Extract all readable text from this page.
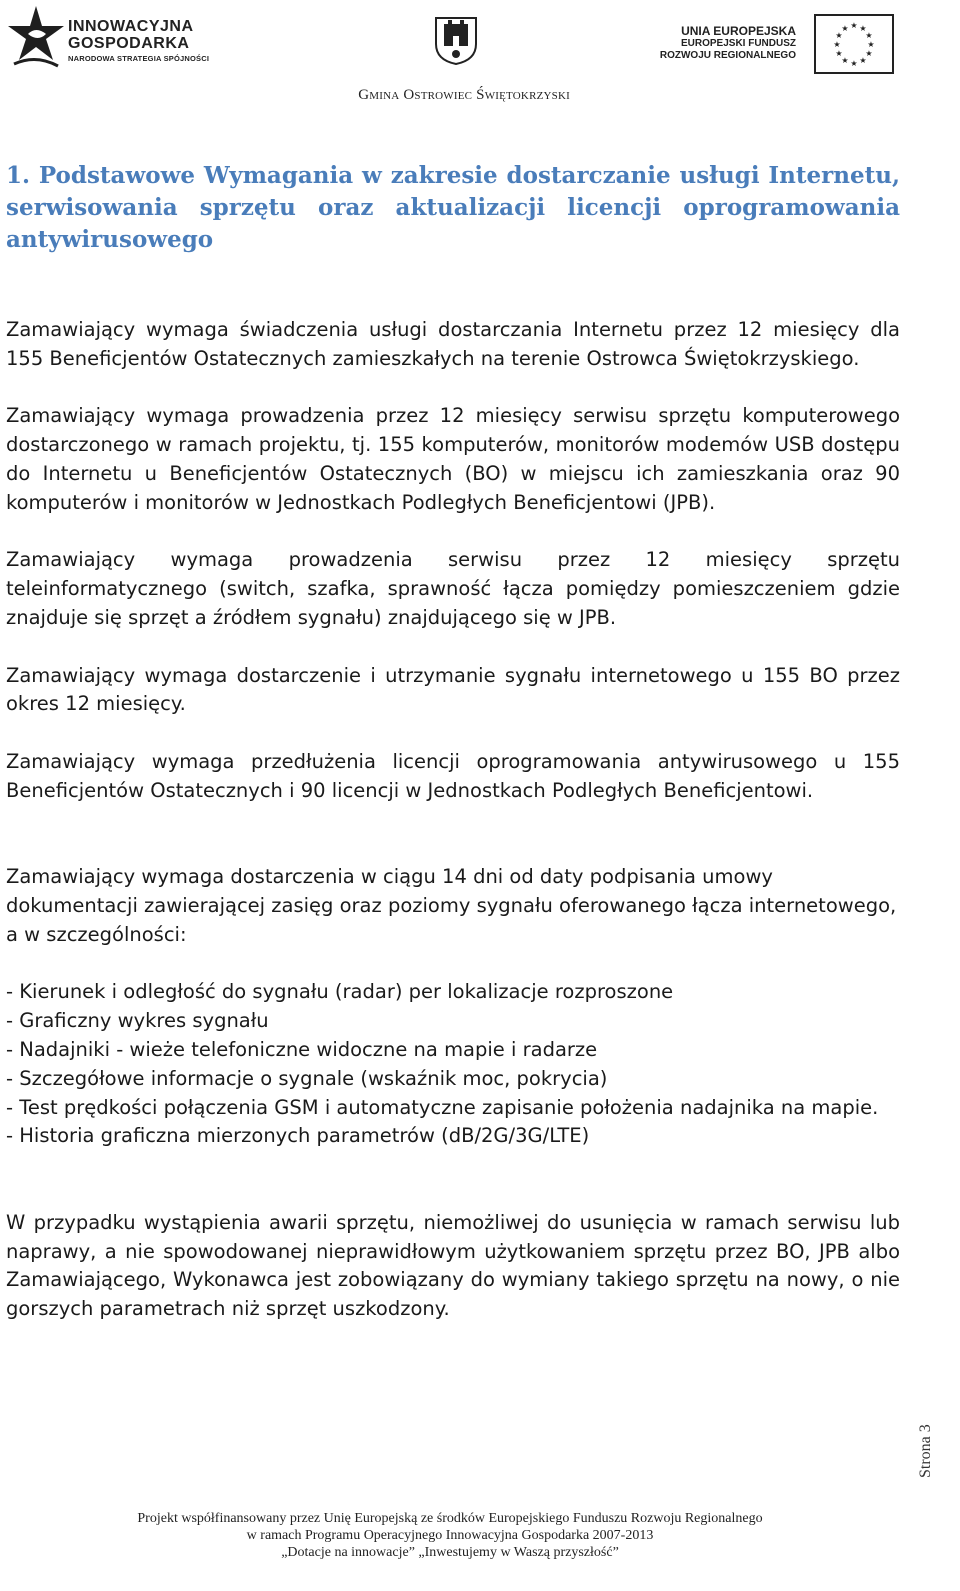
INNOWACYJNA
GOSPODARKA
NARODOWA STRATEGIA SPÓJNOŚCI
UNIA EUROPEJSKA
EUROPEJSKI FUNDUSZ
ROZWOJU REGIONALNEGO
★ ★
★
★
★
★
★
★
★
★
★
★
Gmina Ostrowiec Świętokrzyski
1. Podstawowe Wymagania w zakresie dostarczanie usługi Internetu, serwisowania sprzętu oraz aktualizacji licencji oprogramowania antywirusowego

Zamawiający wymaga świadczenia usługi dostarczania Internetu przez 12 miesięcy dla 155 Beneficjentów Ostatecznych zamieszkałych na terenie Ostrowca Świętokrzyskiego.

Zamawiający wymaga prowadzenia przez 12 miesięcy serwisu sprzętu komputerowego dostarczonego w ramach projektu, tj. 155 komputerów, monitorów modemów USB dostępu do Internetu u Beneficjentów Ostatecznych (BO) w miejscu ich zamieszkania oraz 90 komputerów i monitorów w Jednostkach Podległych Beneficjentowi (JPB).

Zamawiający wymaga prowadzenia serwisu przez 12 miesięcy sprzętu teleinformatycznego (switch, szafka, sprawność łącza pomiędzy pomieszczeniem gdzie znajduje się sprzęt a źródłem sygnału) znajdującego się w JPB.

Zamawiający wymaga dostarczenie i utrzymanie sygnału internetowego u 155 BO przez okres 12 miesięcy.

Zamawiający wymaga przedłużenia licencji oprogramowania antywirusowego u 155 Beneficjentów Ostatecznych i 90 licencji w Jednostkach Podległych Beneficjentowi.

Zamawiający wymaga dostarczenia w ciągu 14 dni od daty podpisania umowy dokumentacji zawierającej zasięg oraz poziomy sygnału oferowanego łącza internetowego, a w szczególności:

- Kierunek i odległość do sygnału (radar) per lokalizacje rozproszone
- Graficzny wykres sygnału
- Nadajniki - wieże telefoniczne widoczne na mapie i radarze
- Szczegółowe informacje o sygnale (wskaźnik moc, pokrycia)
- Test prędkości połączenia GSM i automatyczne zapisanie położenia nadajnika na mapie.
- Historia graficzna mierzonych parametrów (dB/2G/3G/LTE)

W przypadku wystąpienia awarii sprzętu, niemożliwej do usunięcia w ramach serwisu lub naprawy, a nie spowodowanej nieprawidłowym użytkowaniem sprzętu przez BO, JPB albo Zamawiającego, Wykonawca jest zobowiązany do wymiany takiego sprzętu na nowy, o nie gorszych parametrach niż sprzęt uszkodzony.

Strona 3
Projekt współfinansowany przez Unię Europejską ze środków Europejskiego Funduszu Rozwoju Regionalnego
w ramach Programu Operacyjnego Innowacyjna Gospodarka 2007-2013
„Dotacje na innowacje” „Inwestujemy w Waszą przyszłość”
